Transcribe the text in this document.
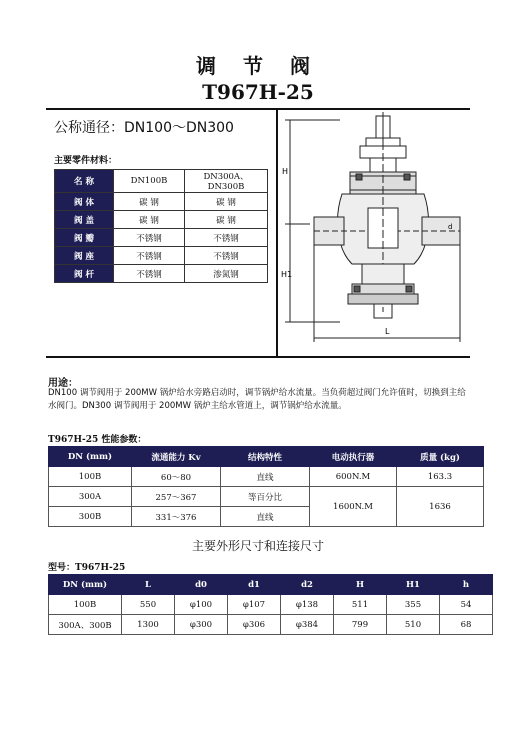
调 节 阀
T967H-25
公称通径：DN100～DN300
主要零件材料：
名 称	DN100B	DN300A、DN300B
阀 体	碳 钢	碳 钢
阀 盖	碳 钢	碳 钢
阀 瓣	不锈钢	不锈钢
阀 座	不锈钢	不锈钢
阀 杆	不锈钢	渗氮钢
H
H1
L
d
用途：
DN100 调节阀用于 200MW 锅炉给水旁路启动时，调节锅炉给水流量。当负荷超过阀门允许值时，切换到主给水阀门。DN300 调节阀用于 200MW 锅炉主给水管道上，调节锅炉给水流量。
T967H-25 性能参数：
DN (mm)	流通能力 Kv	结构特性	电动执行器	质量 (kg)
100B	60～80	直线	600N.M	163.3
300A	257～367	等百分比	1600N.M	1636
300B	331～376	直线		
主要外形尺寸和连接尺寸
型号：T967H-25
DN (mm)	L	d0	d1	d2	H	H1	h
100B	550	φ100	φ107	φ138	511	355	54
300A、300B	1300	φ300	φ306	φ384	799	510	68
